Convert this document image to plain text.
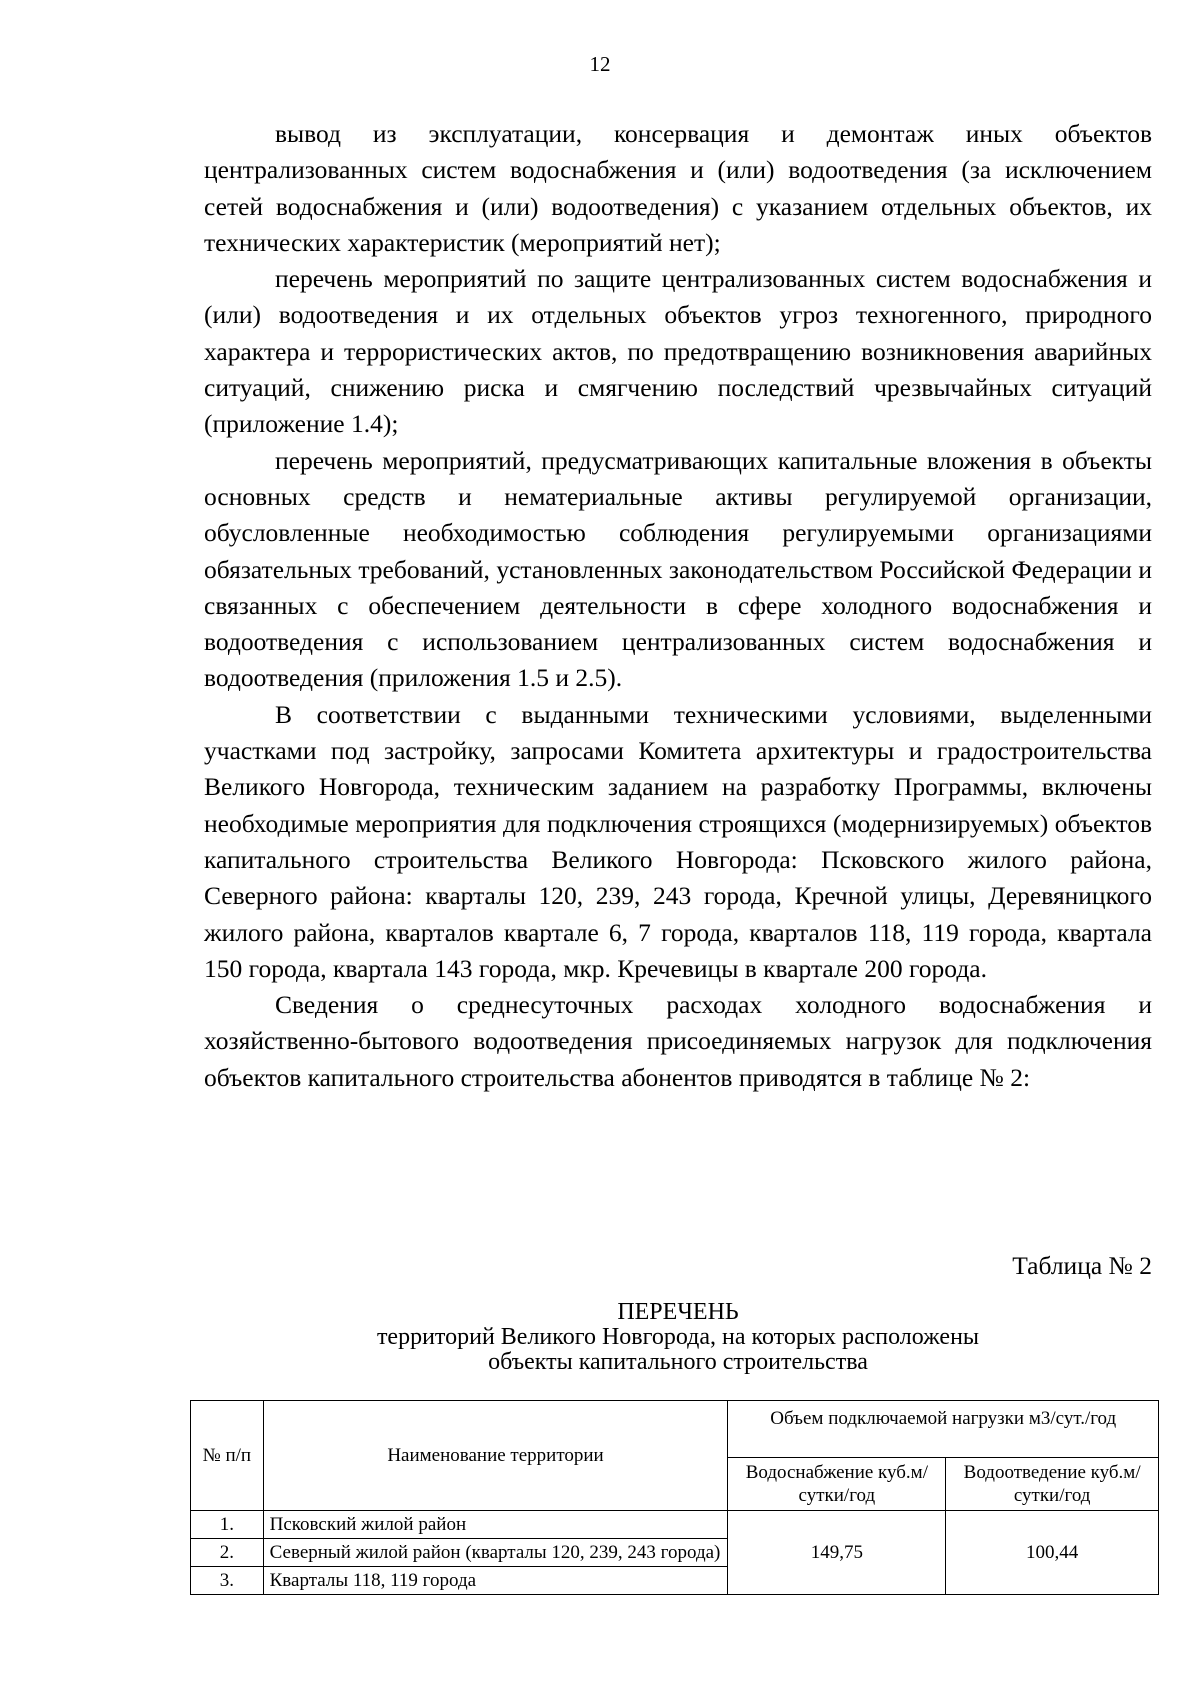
12

вывод из эксплуатации, консервация и демонтаж иных объектов централизованных систем водоснабжения и (или) водоотведения (за исключением сетей водоснабжения и (или) водоотведения) с указанием отдельных объектов, их технических характеристик (мероприятий нет);

перечень мероприятий по защите централизованных систем водоснабжения и (или) водоотведения и их отдельных объектов угроз техногенного, природного характера и террористических актов, по предотвращению возникновения аварийных ситуаций, снижению риска и смягчению последствий чрезвычайных ситуаций (приложение 1.4);

перечень мероприятий, предусматривающих капитальные вложения в объекты основных средств и нематериальные активы регулируемой организации, обусловленные необходимостью соблюдения регулируемыми организациями обязательных требований, установленных законодательством Российской Федерации и связанных с обеспечением деятельности в сфере холодного водоснабжения и водоотведения с использованием централизованных систем водоснабжения и водоотведения (приложения 1.5 и 2.5).

В соответствии с выданными техническими условиями, выделенными участками под застройку, запросами Комитета архитектуры и градостроительства Великого Новгорода, техническим заданием на разработку Программы, включены необходимые мероприятия для подключения строящихся (модернизируемых) объектов капитального строительства Великого Новгорода: Псковского жилого района, Северного района: кварталы 120, 239, 243 города, Кречной улицы, Деревяницкого жилого района, кварталов квартале 6, 7 города, кварталов 118, 119 города, квартала 150 города, квартала 143 города, мкр. Кречевицы в квартале 200 города.

Сведения о среднесуточных расходах холодного водоснабжения и хозяйственно-бытового водоотведения присоединяемых нагрузок для подключения объектов капитального строительства абонентов приводятся в таблице № 2:

Таблица № 2
ПЕРЕЧЕНЬ
территорий Великого Новгорода, на которых расположены
объекты капитального строительства
№ п/п	Наименование территории	Объем подключаемой нагрузки м3/сут./год	
		Водоснабжение куб.м/сутки/год	Водоотведение куб.м/сутки/год
1.	Псковский жилой район	149,75	100,44
2.	Северный жилой район (кварталы 120, 239, 243 города)		
3.	Кварталы 118, 119 города		
